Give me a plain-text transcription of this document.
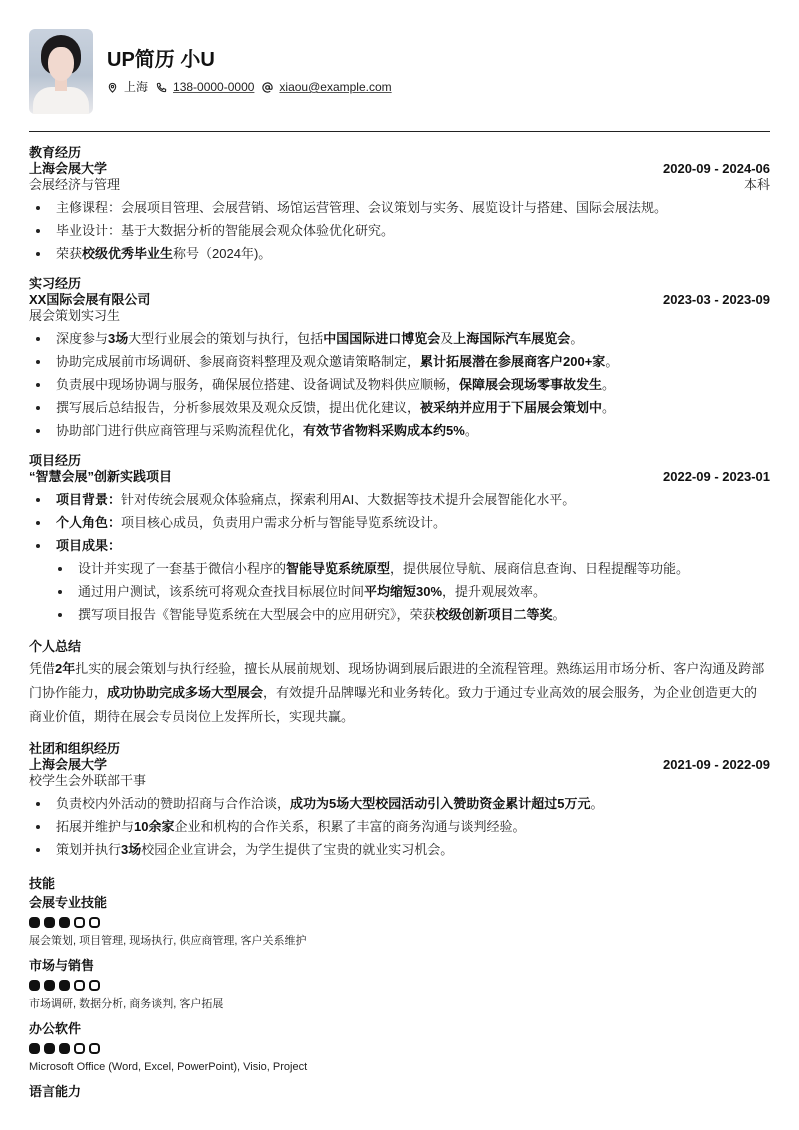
UP简历 小U
上海 138-0000-0000 xiaou@example.com
教育经历
上海会展大学	2020-09 - 2024-06
会展经济与管理	本科
主修课程：会展项目管理、会展营销、场馆运营管理、会议策划与实务、展览设计与搭建、国际会展法规。
毕业设计：基于大数据分析的智能展会观众体验优化研究。
荣获校级优秀毕业生称号（2024年)。
实习经历
XX国际会展有限公司	2023-03 - 2023-09
展会策划实习生
深度参与3场大型行业展会的策划与执行，包括中国国际进口博览会及上海国际汽车展览会。
协助完成展前市场调研、参展商资料整理及观众邀请策略制定，累计拓展潜在参展商客户200+家。
负责展中现场协调与服务，确保展位搭建、设备调试及物料供应顺畅，保障展会现场零事故发生。
撰写展后总结报告，分析参展效果及观众反馈，提出优化建议，被采纳并应用于下届展会策划中。
协助部门进行供应商管理与采购流程优化，有效节省物料采购成本约5%。
项目经历
“智慧会展”创新实践项目	2022-09 - 2023-01
项目背景：针对传统会展观众体验痛点，探索利用AI、大数据等技术提升会展智能化水平。
个人角色：项目核心成员，负责用户需求分析与智能导览系统设计。
项目成果：
设计并实现了一套基于微信小程序的智能导览系统原型，提供展位导航、展商信息查询、日程提醒等功能。
通过用户测试，该系统可将观众查找目标展位时间平均缩短30%，提升观展效率。
撰写项目报告《智能导览系统在大型展会中的应用研究》，荣获校级创新项目二等奖。
个人总结
凭借2年扎实的展会策划与执行经验，擅长从展前规划、现场协调到展后跟进的全流程管理。熟练运用市场分析、客户沟通及跨部门协作能力，成功协助完成多场大型展会，有效提升品牌曝光和业务转化。致力于通过专业高效的展会服务，为企业创造更大的商业价值，期待在展会专员岗位上发挥所长，实现共赢。
社团和组织经历
上海会展大学	2021-09 - 2022-09
校学生会外联部干事
负责校内外活动的赞助招商与合作洽谈，成功为5场大型校园活动引入赞助资金累计超过5万元。
拓展并维护与10余家企业和机构的合作关系，积累了丰富的商务沟通与谈判经验。
策划并执行3场校园企业宣讲会，为学生提供了宝贵的就业实习机会。
技能
会展专业技能
展会策划, 项目管理, 现场执行, 供应商管理, 客户关系维护
市场与销售
市场调研, 数据分析, 商务谈判, 客户拓展
办公软件
Microsoft Office (Word, Excel, PowerPoint), Visio, Project
语言能力
